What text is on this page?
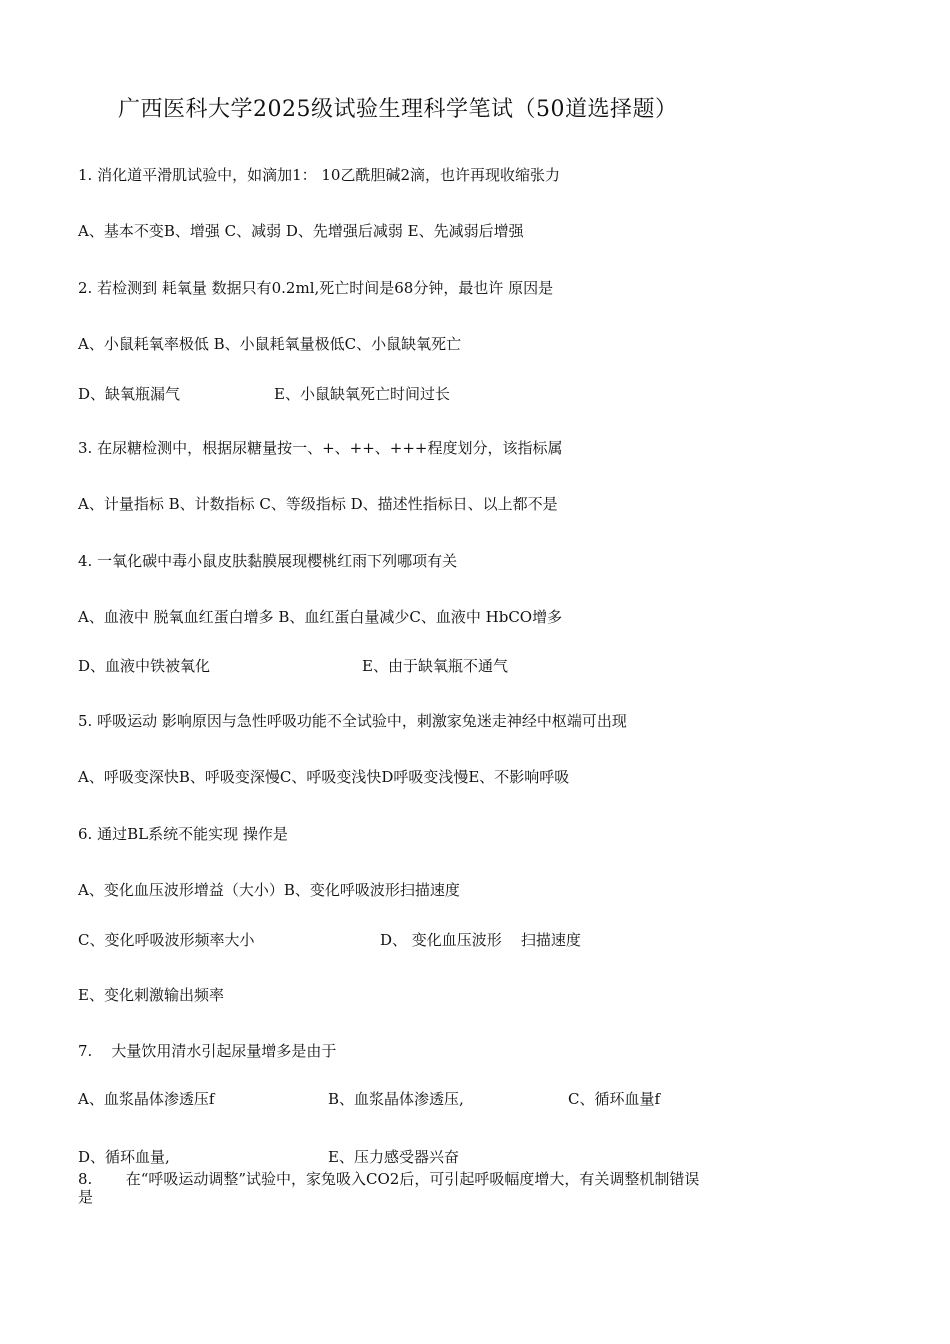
广西医科大学2025级试验生理科学笔试（50道选择题）
1. 消化道平滑肌试验中，如滴加1： 10乙酰胆碱2滴，也许再现收缩张力
A、基本不变B、增强 C、减弱 D、先增强后减弱 E、先减弱后增强
2. 若检测到 耗氧量 数据只有0.2ml,死亡时间是68分钟，最也许 原因是
A、小鼠耗氧率极低 B、小鼠耗氧量极低C、小鼠缺氧死亡
D、缺氧瓶漏气	E、小鼠缺氧死亡时间过长
3. 在尿糖检测中，根据尿糖量按一、+、++、+++程度划分，该指标属
A、计量指标 B、计数指标 C、等级指标 D、描述性指标日、以上都不是
4. 一氧化碳中毒小鼠皮肤黏膜展现樱桃红雨下列哪项有关
A、血液中 脱氧血红蛋白增多 B、血红蛋白量减少C、血液中 HbCO增多
D、血液中铁被氧化	E、由于缺氧瓶不通气
5. 呼吸运动 影响原因与急性呼吸功能不全试验中，刺激家兔迷走神经中枢端可出现
A、呼吸变深快B、呼吸变深慢C、呼吸变浅快D呼吸变浅慢E、不影响呼吸
6. 通过BL系统不能实现 操作是
A、变化血压波形增益（大小）B、变化呼吸波形扫描速度
C、变化呼吸波形频率大小	D、 变化血压波形    扫描速度
E、变化刺激输出频率
7.    大量饮用清水引起尿量增多是由于
A、血浆晶体渗透压f	B、血浆晶体渗透压,	C、循环血量f
D、循环血量,	E、压力感受器兴奋
8.       在“呼吸运动调整”试验中，家兔吸入CO2后，可引起呼吸幅度增大，有关调整机制错误
是
